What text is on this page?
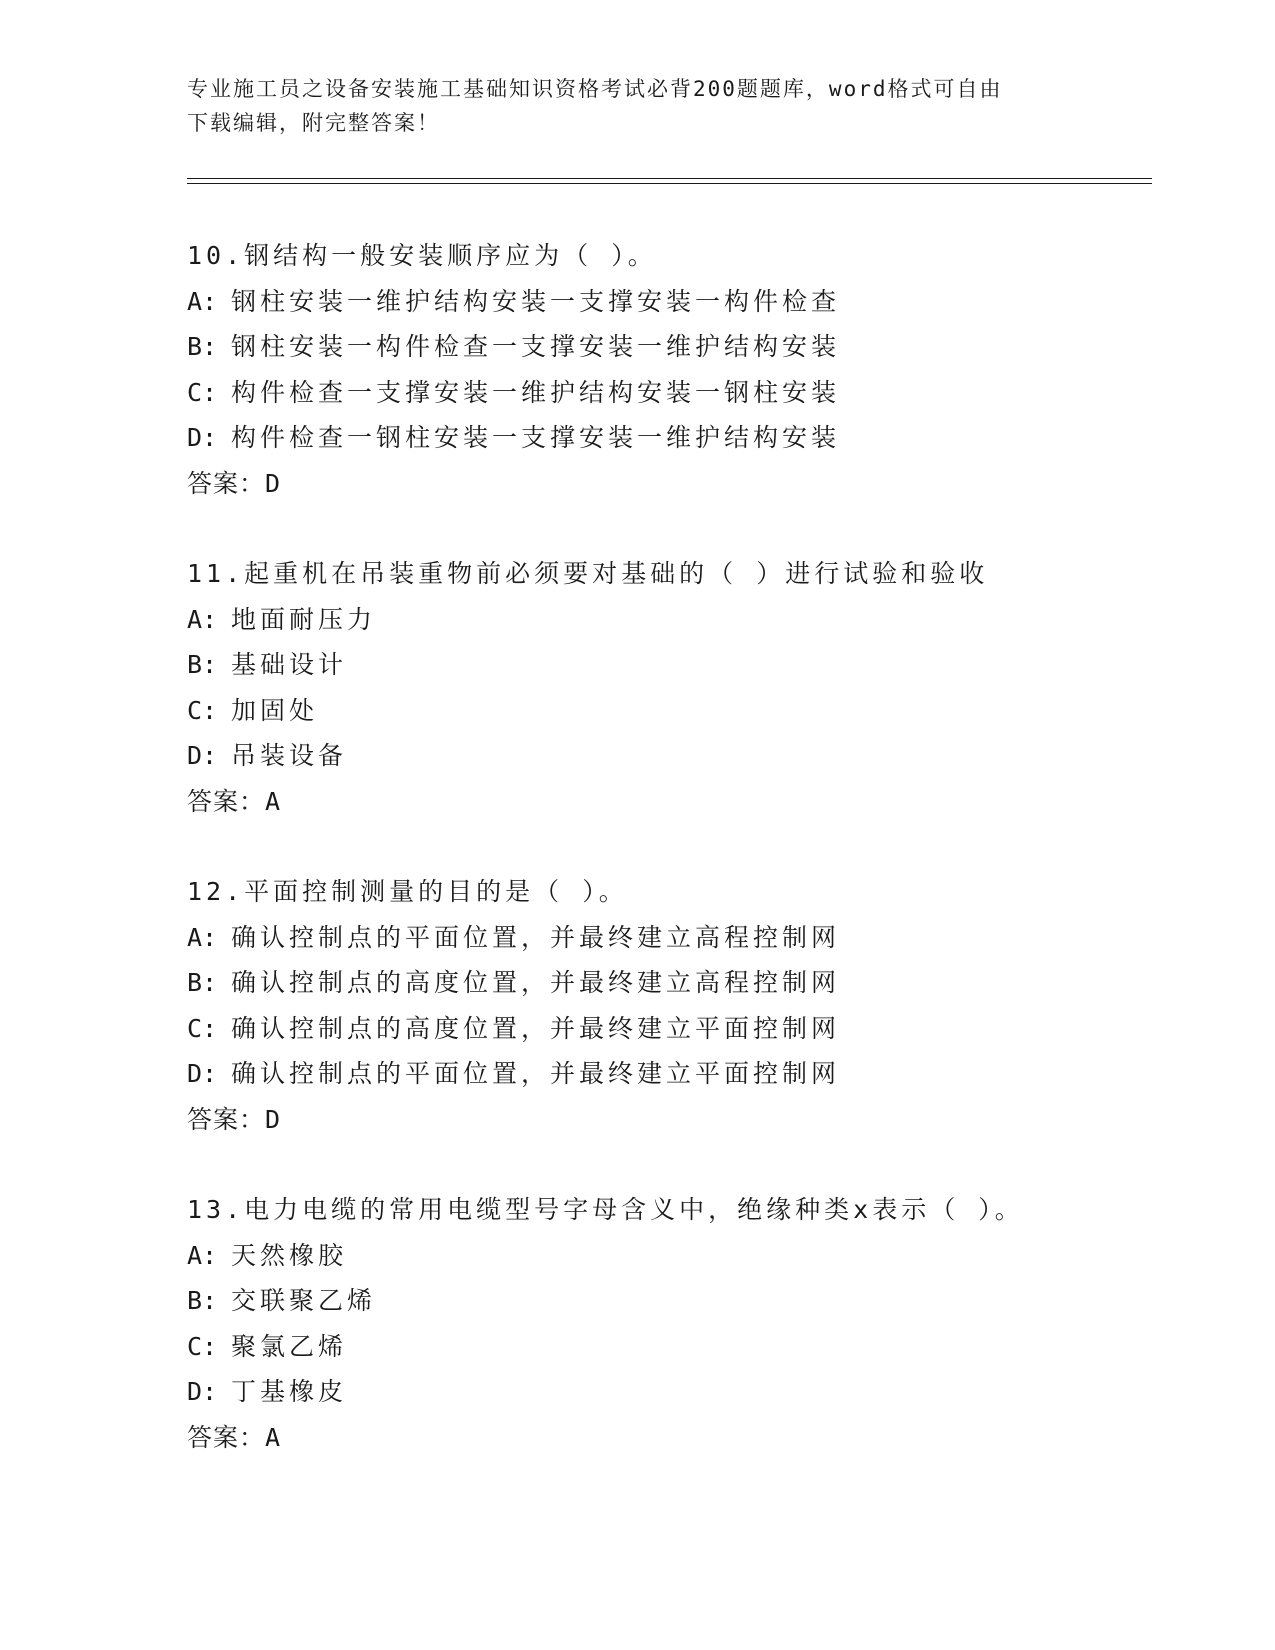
专业施工员之设备安装施工基础知识资格考试必背200题题库，word格式可自由
下载编辑，附完整答案！
10.钢结构一般安装顺序应为（ ）。
A: 钢柱安装一维护结构安装一支撑安装一构件检查
B: 钢柱安装一构件检查一支撑安装一维护结构安装
C: 构件检查一支撑安装一维护结构安装一钢柱安装
D: 构件检查一钢柱安装一支撑安装一维护结构安装
答案：D
11.起重机在吊装重物前必须要对基础的（ ）进行试验和验收
A: 地面耐压力
B: 基础设计
C: 加固处
D: 吊装设备
答案：A
12.平面控制测量的目的是（ ）。
A: 确认控制点的平面位置，并最终建立高程控制网
B: 确认控制点的高度位置，并最终建立高程控制网
C: 确认控制点的高度位置，并最终建立平面控制网
D: 确认控制点的平面位置，并最终建立平面控制网
答案：D
13.电力电缆的常用电缆型号字母含义中，绝缘种类x表示（ ）。
A: 天然橡胶
B: 交联聚乙烯
C: 聚氯乙烯
D: 丁基橡皮
答案：A
